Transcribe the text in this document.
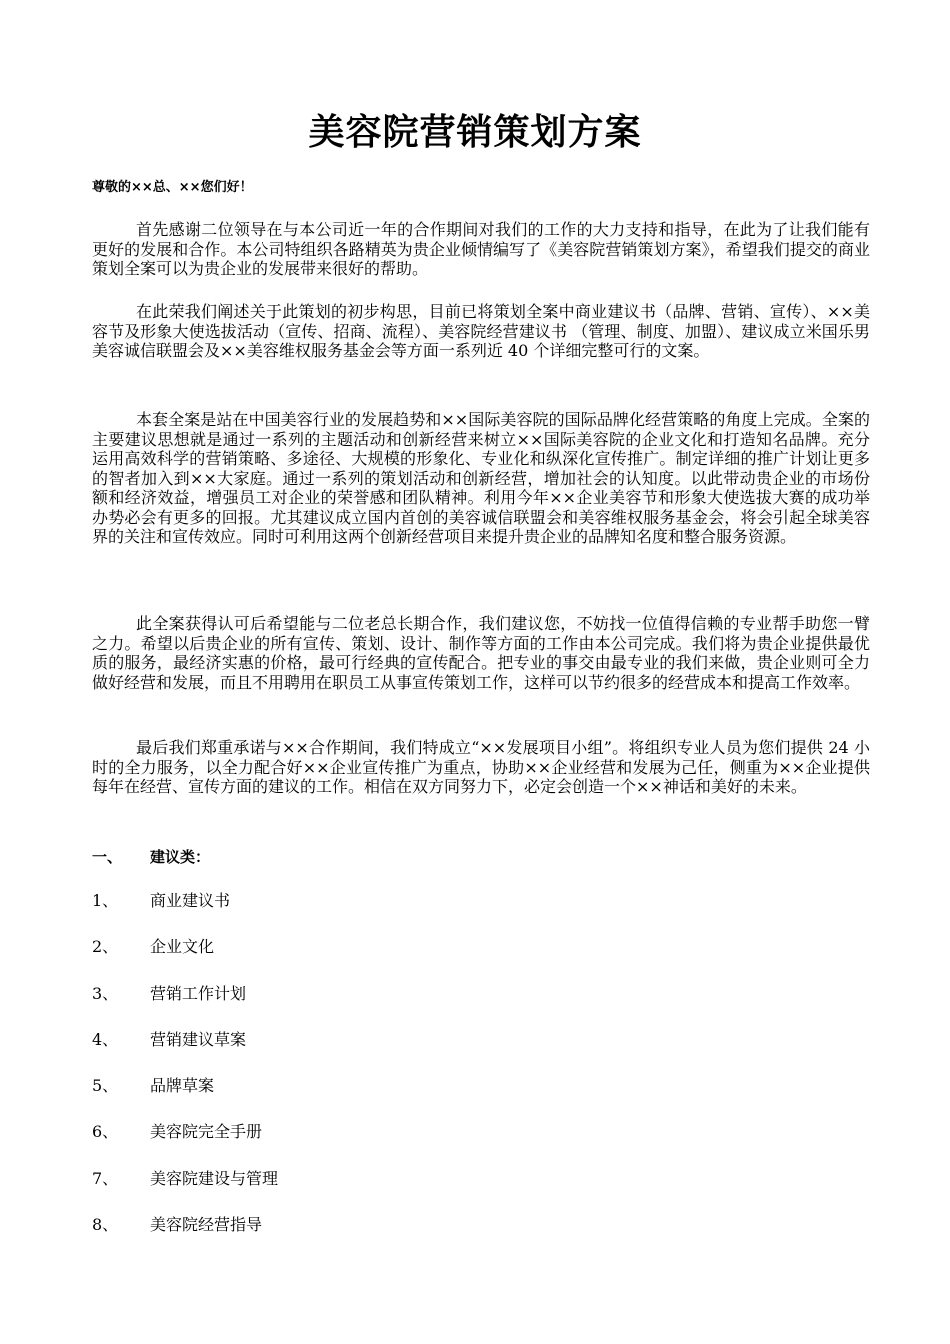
美容院营销策划方案
尊敬的××总、××您们好！

首先感谢二位领导在与本公司近一年的合作期间对我们的工作的大力支持和指导，在此为了让我们能有更好的发展和合作。本公司特组织各路精英为贵企业倾情编写了《美容院营销策划方案》，希望我们提交的商业策划全案可以为贵企业的发展带来很好的帮助。

在此荣我们阐述关于此策划的初步构思，目前已将策划全案中商业建议书（品牌、营销、宣传）、××美容节及形象大使选拔活动（宣传、招商、流程）、美容院经营建议书 （管理、制度、加盟）、建议成立米国乐男美容诚信联盟会及××美容维权服务基金会等方面一系列近 40 个详细完整可行的文案。

本套全案是站在中国美容行业的发展趋势和××国际美容院的国际品牌化经营策略的角度上完成。全案的主要建议思想就是通过一系列的主题活动和创新经营来树立××国际美容院的企业文化和打造知名品牌。充分运用高效科学的营销策略、多途径、大规模的形象化、专业化和纵深化宣传推广。制定详细的推广计划让更多的智者加入到××大家庭。通过一系列的策划活动和创新经营，增加社会的认知度。以此带动贵企业的市场份额和经济效益，增强员工对企业的荣誉感和团队精神。利用今年××企业美容节和形象大使选拔大赛的成功举办势必会有更多的回报。尤其建议成立国内首创的美容诚信联盟会和美容维权服务基金会，将会引起全球美容界的关注和宣传效应。同时可利用这两个创新经营项目来提升贵企业的品牌知名度和整合服务资源。

此全案获得认可后希望能与二位老总长期合作，我们建议您，不妨找一位值得信赖的专业帮手助您一臂之力。希望以后贵企业的所有宣传、策划、设计、制作等方面的工作由本公司完成。我们将为贵企业提供最优质的服务，最经济实惠的价格，最可行经典的宣传配合。把专业的事交由最专业的我们来做，贵企业则可全力做好经营和发展，而且不用聘用在职员工从事宣传策划工作，这样可以节约很多的经营成本和提高工作效率。

最后我们郑重承诺与××合作期间，我们特成立“××发展项目小组”。将组织专业人员为您们提供 24 小时的全力服务，以全力配合好××企业宣传推广为重点，协助××企业经营和发展为己任，侧重为××企业提供每年在经营、宣传方面的建议的工作。相信在双方同努力下，必定会创造一个××神话和美好的未来。

一、 建议类：
1、 商业建议书
2、 企业文化
3、 营销工作计划
4、 营销建议草案
5、 品牌草案
6、 美容院完全手册
7、 美容院建设与管理
8、 美容院经营指导
